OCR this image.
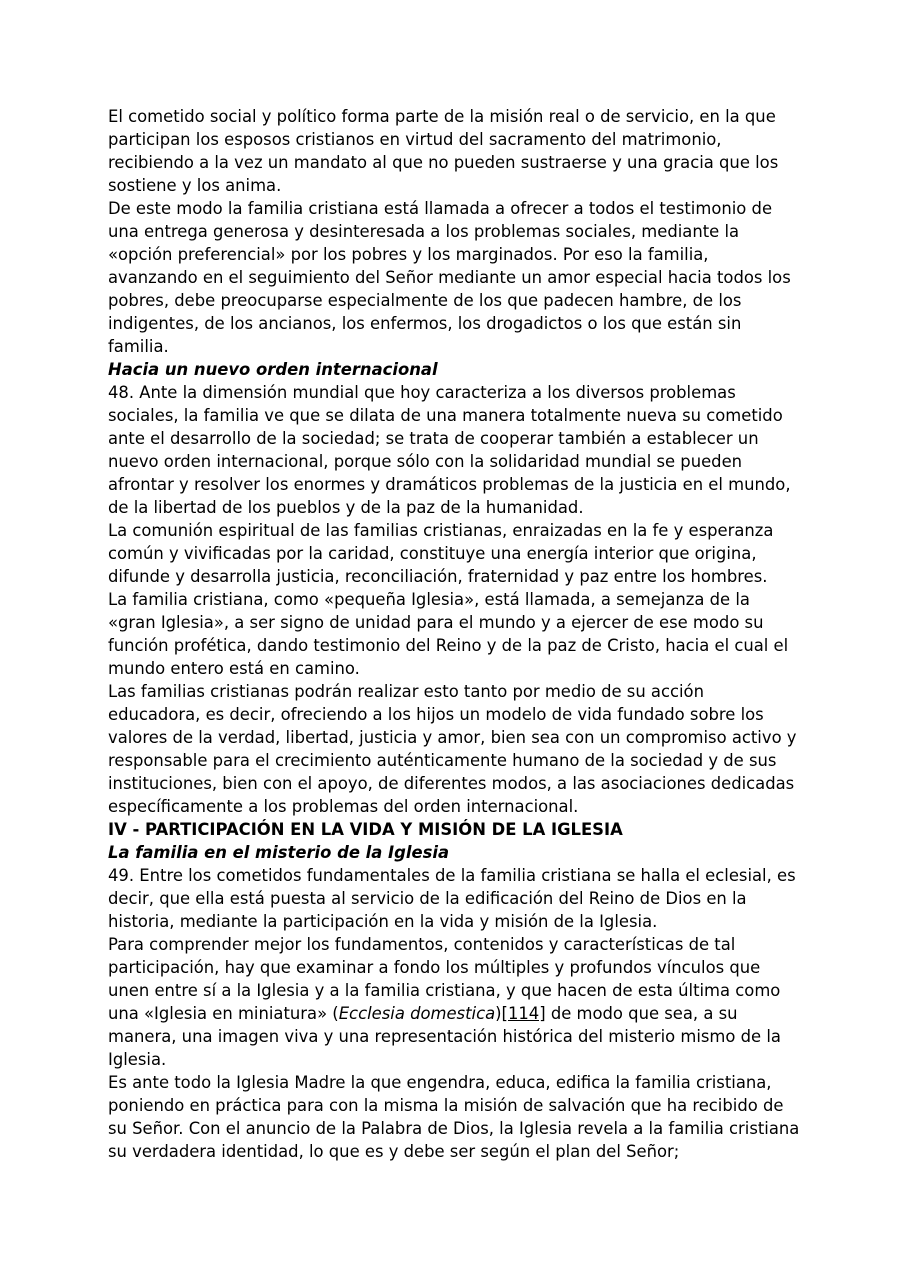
El cometido social y político forma parte de la misión real o de servicio, en la que participan los esposos cristianos en virtud del sacramento del matrimonio, recibiendo a la vez un mandato al que no pueden sustraerse y una gracia que los sostiene y los anima.

De este modo la familia cristiana está llamada a ofrecer a todos el testimonio de una entrega generosa y desinteresada a los problemas sociales, mediante la «opción preferencial» por los pobres y los marginados. Por eso la familia, avanzando en el seguimiento del Señor mediante un amor especial hacia todos los pobres, debe preocuparse especialmente de los que padecen hambre, de los indigentes, de los ancianos, los enfermos, los drogadictos o los que están sin familia.

Hacia un nuevo orden internacional

48. Ante la dimensión mundial que hoy caracteriza a los diversos problemas sociales, la familia ve que se dilata de una manera totalmente nueva su cometido ante el desarrollo de la sociedad; se trata de cooperar también a establecer un nuevo orden internacional, porque sólo con la solidaridad mundial se pueden afrontar y resolver los enormes y dramáticos problemas de la justicia en el mundo, de la libertad de los pueblos y de la paz de la humanidad.

La comunión espiritual de las familias cristianas, enraizadas en la fe y esperanza común y vivificadas por la caridad, constituye una energía interior que origina, difunde y desarrolla justicia, reconciliación, fraternidad y paz entre los hombres.

La familia cristiana, como «pequeña Iglesia», está llamada, a semejanza de la «gran Iglesia», a ser signo de unidad para el mundo y a ejercer de ese modo su función profética, dando testimonio del Reino y de la paz de Cristo, hacia el cual el mundo entero está en camino.

Las familias cristianas podrán realizar esto tanto por medio de su acción educadora, es decir, ofreciendo a los hijos un modelo de vida fundado sobre los valores de la verdad, libertad, justicia y amor, bien sea con un compromiso activo y responsable para el crecimiento auténticamente humano de la sociedad y de sus instituciones, bien con el apoyo, de diferentes modos, a las asociaciones dedicadas específicamente a los problemas del orden internacional.

IV - PARTICIPACIÓN EN LA VIDA Y MISIÓN DE LA IGLESIA
La familia en el misterio de la Iglesia

49. Entre los cometidos fundamentales de la familia cristiana se halla el eclesial, es decir, que ella está puesta al servicio de la edificación del Reino de Dios en la historia, mediante la participación en la vida y misión de la Iglesia.

Para comprender mejor los fundamentos, contenidos y características de tal participación, hay que examinar a fondo los múltiples y profundos vínculos que unen entre sí a la Iglesia y a la familia cristiana, y que hacen de esta última como una «Iglesia en miniatura» (Ecclesia domestica)[114] de modo que sea, a su manera, una imagen viva y una representación histórica del misterio mismo de la Iglesia.

Es ante todo la Iglesia Madre la que engendra, educa, edifica la familia cristiana, poniendo en práctica para con la misma la misión de salvación que ha recibido de su Señor. Con el anuncio de la Palabra de Dios, la Iglesia revela a la familia cristiana su verdadera identidad, lo que es y debe ser según el plan del Señor;
